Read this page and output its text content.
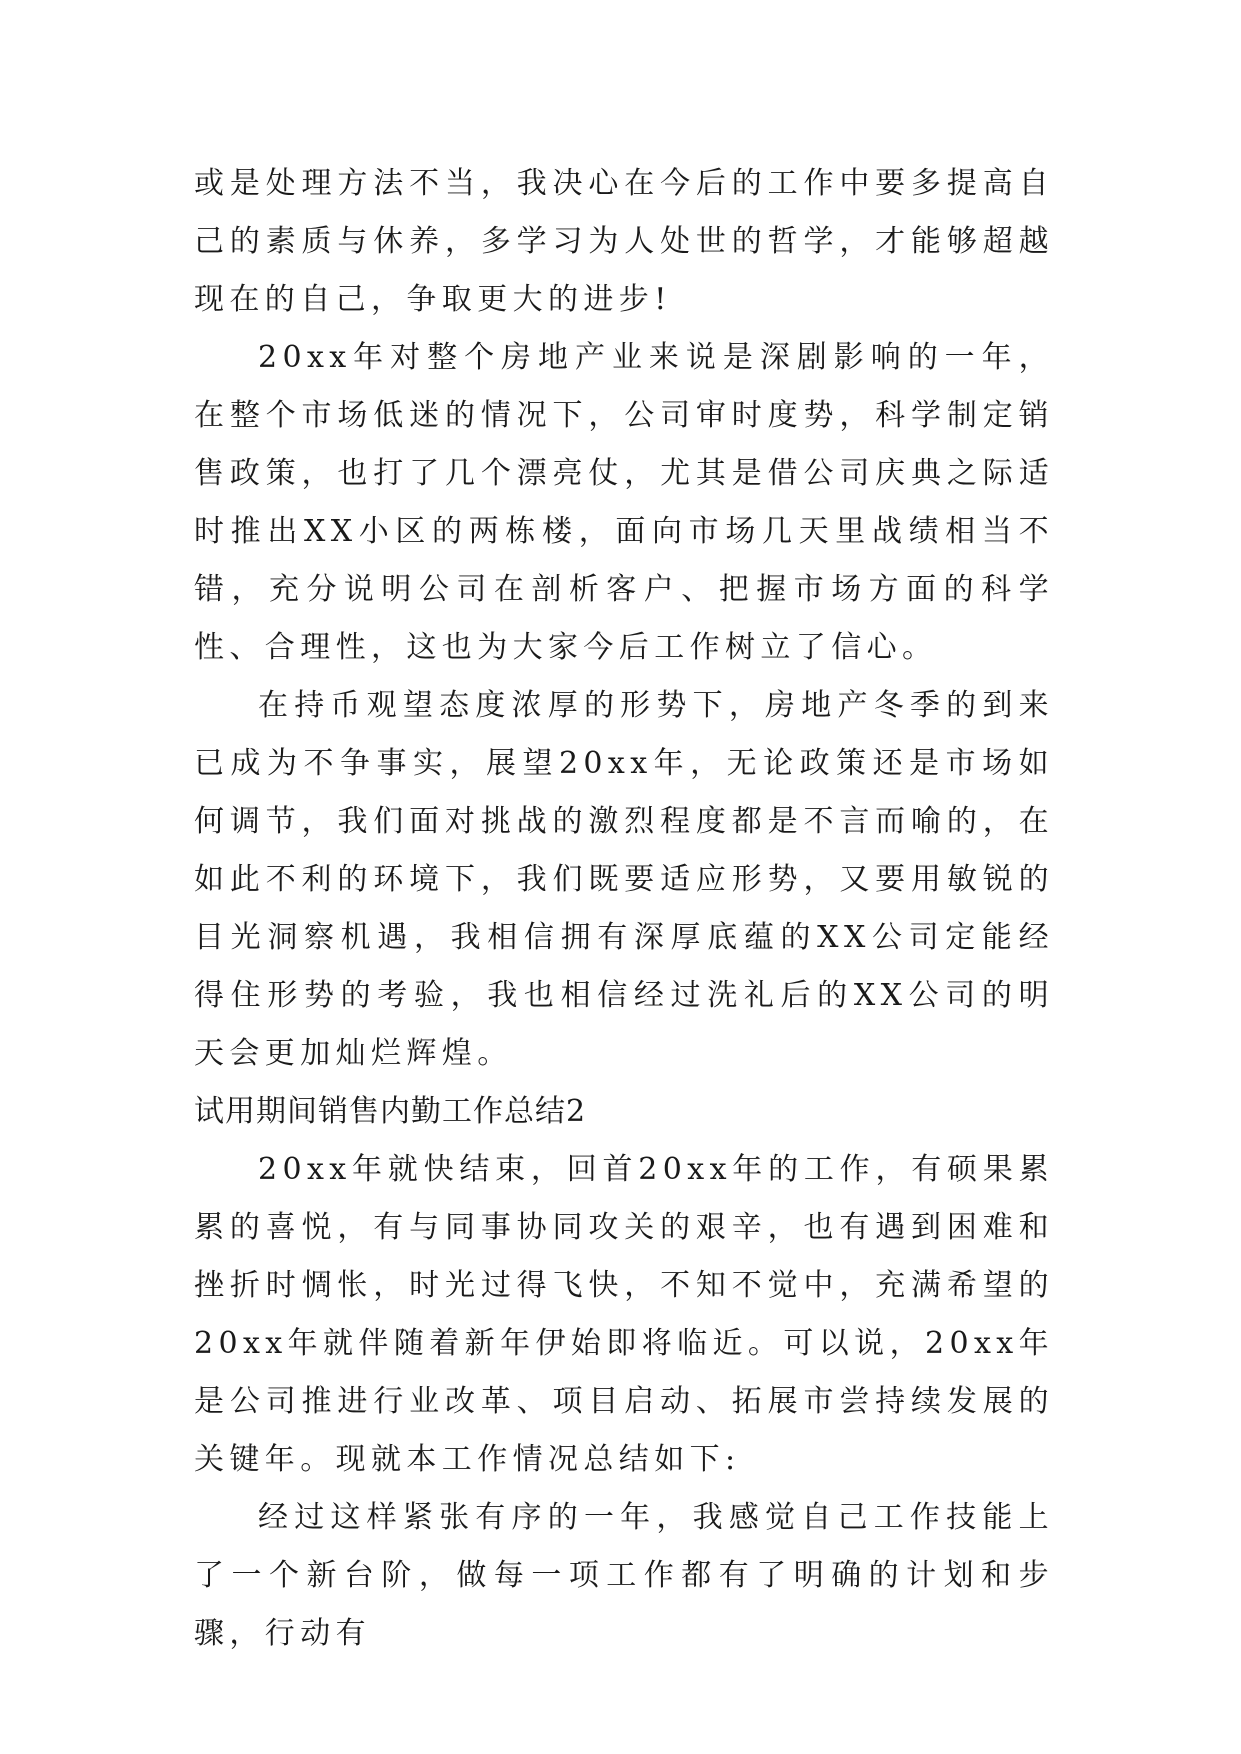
或是处理方法不当，我决心在今后的工作中要多提高自己的素质与休养，多学习为人处世的哲学，才能够超越现在的自己，争取更大的进步!

20xx年对整个房地产业来说是深剧影响的一年，在整个市场低迷的情况下，公司审时度势，科学制定销售政策，也打了几个漂亮仗，尤其是借公司庆典之际适时推出XX小区的两栋楼，面向市场几天里战绩相当不错，充分说明公司在剖析客户、把握市场方面的科学性、合理性，这也为大家今后工作树立了信心。

在持币观望态度浓厚的形势下，房地产冬季的到来已成为不争事实，展望20xx年，无论政策还是市场如何调节，我们面对挑战的激烈程度都是不言而喻的，在如此不利的环境下，我们既要适应形势，又要用敏锐的目光洞察机遇，我相信拥有深厚底蕴的XX公司定能经得住形势的考验，我也相信经过洗礼后的XX公司的明天会更加灿烂辉煌。

试用期间销售内勤工作总结2

20xx年就快结束，回首20xx年的工作，有硕果累累的喜悦，有与同事协同攻关的艰辛，也有遇到困难和挫折时惆怅，时光过得飞快，不知不觉中，充满希望的20xx年就伴随着新年伊始即将临近。可以说，20xx年是公司推进行业改革、项目启动、拓展市尝持续发展的关键年。现就本工作情况总结如下:

经过这样紧张有序的一年，我感觉自己工作技能上了一个新台阶，做每一项工作都有了明确的计划和步骤，行动有
